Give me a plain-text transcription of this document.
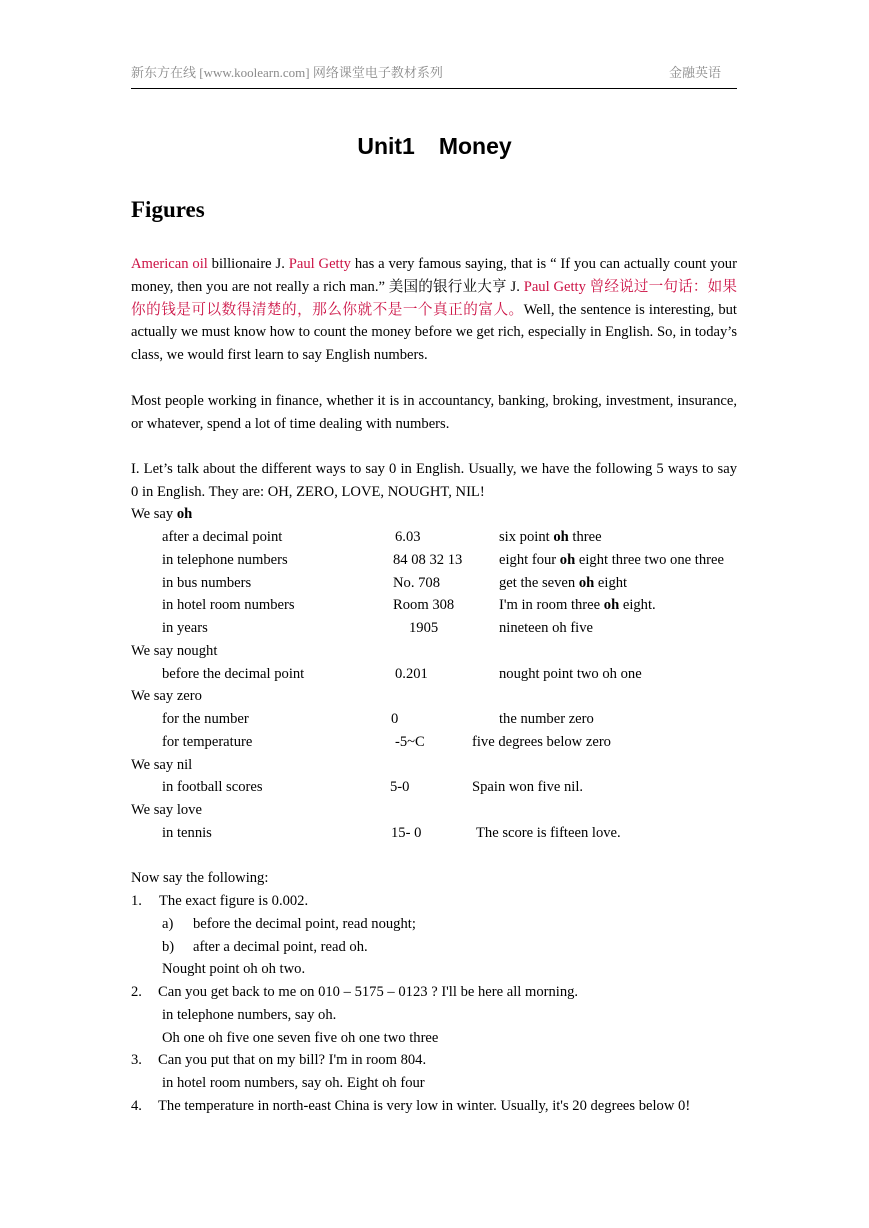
新东方在线 [www.koolearn.com] 网络课堂电子教材系列	金融英语
Unit1 Money
Figures
American oil billionaire J. Paul Getty has a very famous saying, that is “ If you can actually count your money, then you are not really a rich man.” 美国的银行业大亨 J. Paul Getty 曾经说过一句话：如果你的钱是可以数得清楚的，那么你就不是一个真正的富人。Well, the sentence is interesting, but actually we must know how to count the money before we get rich, especially in English. So, in today’s class, we would first learn to say English numbers.
Most people working in finance, whether it is in accountancy, banking, broking, investment, insurance, or whatever, spend a lot of time dealing with numbers.
I. Let’s talk about the different ways to say 0 in English. Usually, we have the following 5 ways to say 0 in English. They are: OH, ZERO, LOVE, NOUGHT, NIL!
We say oh
after a decimal point	6.03	six point oh three
in telephone numbers	84 08 32 13	eight four oh eight three two one three
in bus numbers	No. 708	get the seven oh eight
in hotel room numbers	Room 308	I'm in room three oh eight.
in years	1905	nineteen oh five
We say nought
before the decimal point	0.201	nought point two oh one
We say zero
for the number	0	the number zero
for temperature	-5~C	five degrees below zero
We say nil
in football scores	5-0	Spain won five nil.
We say love
in tennis	15- 0	The score is fifteen love.
Now say the following:
1. The exact figure is 0.002.
a) before the decimal point, read nought;
b) after a decimal point, read oh.
Nought point oh oh two.
2. Can you get back to me on 010 – 5175 – 0123 ? I'll be here all morning.
in telephone numbers, say oh.
Oh one oh five one seven five oh one two three
3. Can you put that on my bill? I'm in room 804.
in hotel room numbers, say oh. Eight oh four
4. The temperature in north-east China is very low in winter. Usually, it's 20 degrees below 0!
